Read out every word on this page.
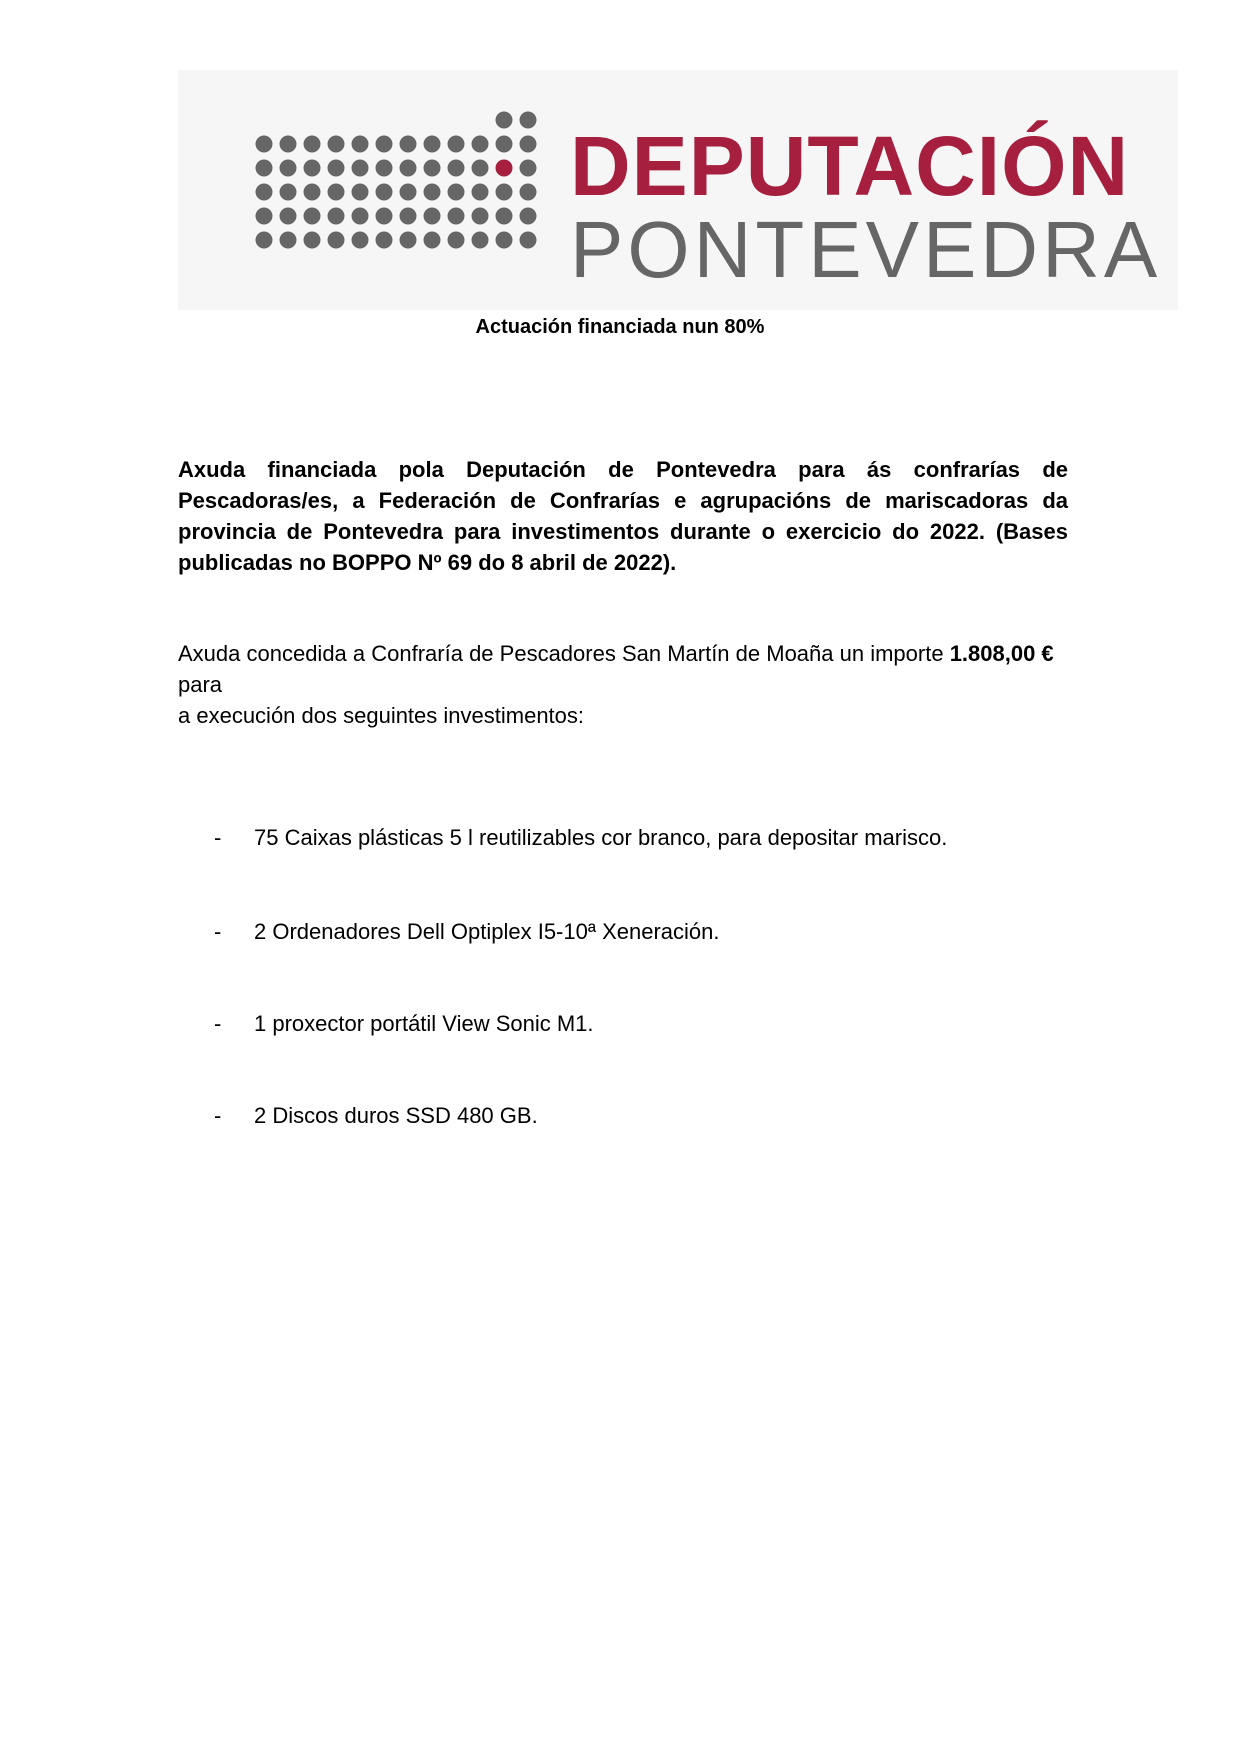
DEPUTACIÓN
PONTEVEDRA

Actuación financiada nun 80%

Axuda financiada pola Deputación de Pontevedra para ás confrarías de Pescadoras/es, a Federación de Confrarías e agrupacións de mariscadoras da provincia de Pontevedra para investimentos durante o exercicio do 2022. (Bases publicadas no BOPPO Nº 69 do 8 abril de 2022).

Axuda concedida a Confraría de Pescadores San Martín de Moaña un importe 1.808,00 € para
a execución dos seguintes investimentos:

- 75 Caixas plásticas 5 l reutilizables cor branco, para depositar marisco.

- 2 Ordenadores Dell Optiplex I5-10ª Xeneración.

- 1 proxector portátil View Sonic M1.

- 2 Discos duros SSD 480 GB.
